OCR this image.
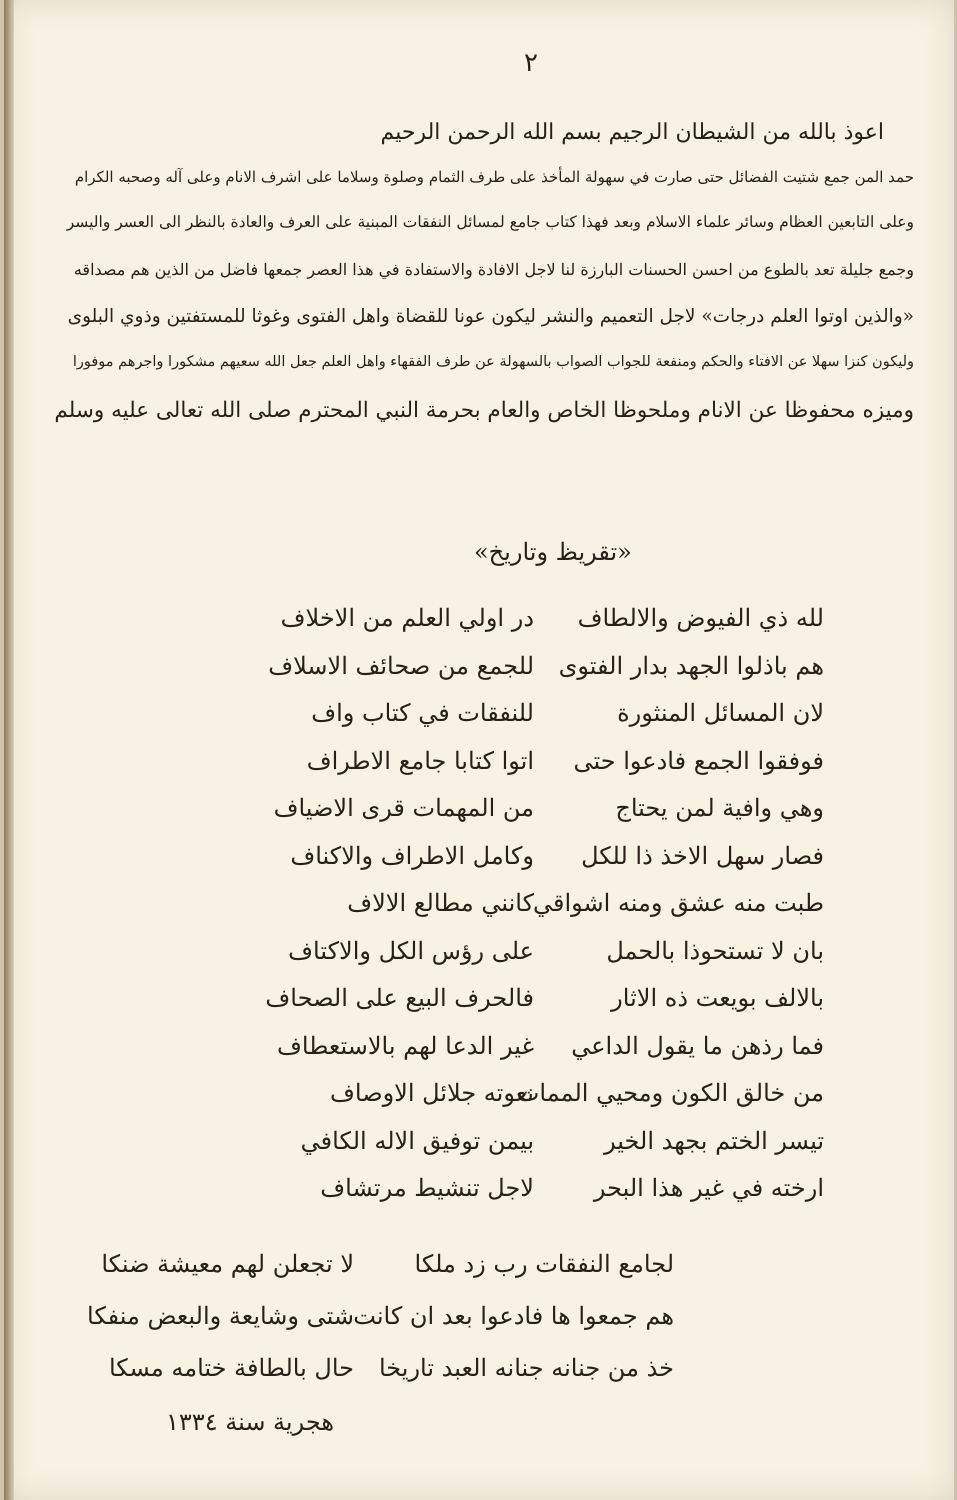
٢
اعوذ بالله من الشيطان الرجيم بسم الله الرحمن الرحيم
حمد المن جمع شتيت الفضائل حتى صارت في سهولة المأخذ على طرف الثمام وصلوة وسلاما على اشرف الانام وعلى آله وصحبه الكرام
وعلى التابعين العظام وسائر علماء الاسلام وبعد فهذا كتاب جامع لمسائل النفقات المبنية على العرف والعادة بالنظر الى العسر واليسر
وجمع جليلة تعد بالطوع من احسن الحسنات البارزة لنا لاجل الافادة والاستفادة في هذا العصر جمعها فاضل من الذين هم مصداقه
«والذين اوتوا العلم درجات» لاجل التعميم والنشر ليكون عونا للقضاة واهل الفتوى وغوثا للمستفتين وذوي البلوى
وليكون كنزا سهلا عن الافتاء والحكم ومنفعة للجواب الصواب بالسهولة عن طرف الفقهاء واهل العلم جعل الله سعيهم مشكورا واجرهم موفورا
وميزه محفوظا عن الانام وملحوظا الخاص والعام بحرمة النبي المحترم صلى الله تعالى عليه وسلم
«تقريظ وتاريخ»
لله ذي الفيوض والالطاف
هم باذلوا الجهد بدار الفتوى
لان المسائل المنثورة
فوفقوا الجمع فادعوا حتى
وهي وافية لمن يحتاج
فصار سهل الاخذ ذا للكل
طبت منه عشق ومنه اشواقي
بان لا تستحوذا بالحمل
بالالف بويعت ذه الاثار
فما رذهن ما يقول الداعي
من خالق الكون ومحيي الممات
تيسر الختم بجهد الخير
ارخته في غير هذا البحر
در اولي العلم من الاخلاف
للجمع من صحائف الاسلاف
للنفقات في كتاب واف
اتوا كتابا جامع الاطراف
من المهمات قرى الاضياف
وكامل الاطراف والاكناف
كانني مطالع الالاف
على رؤس الكل والاكتاف
فالحرف البيع على الصحاف
غير الدعا لهم بالاستعطاف
نعوته جلائل الاوصاف
بيمن توفيق الاله الكافي
لاجل تنشيط مرتشاف
لجامع النفقات رب زد ملكا
هم جمعوا ها فادعوا بعد ان كانت
خذ من جنانه جنانه العبد تاريخا
لا تجعلن لهم معيشة ضنكا
شتى وشايعة والبعض منفكا
حال بالطافة ختامه مسكا
هجرية سنة ١٣٣٤
